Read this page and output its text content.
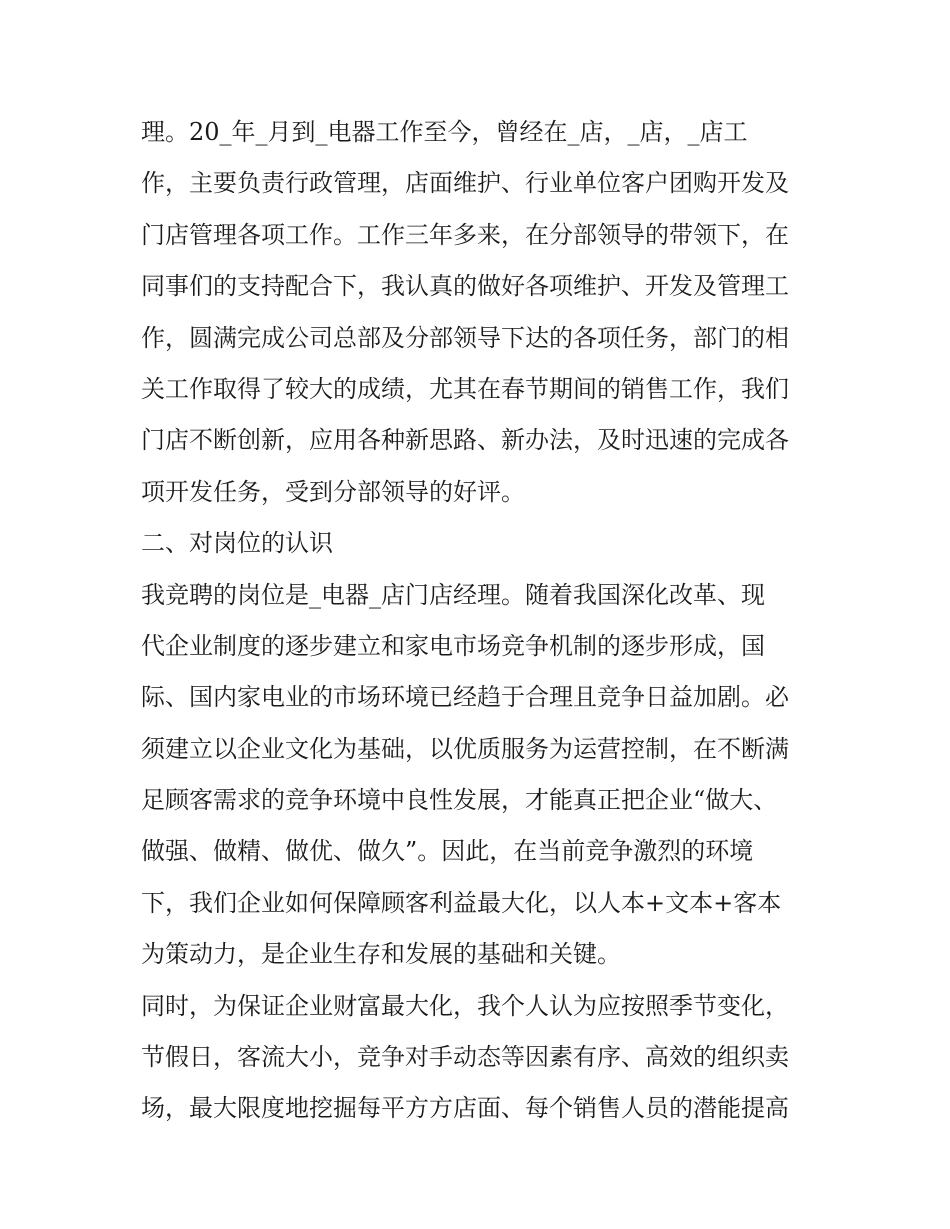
理。20_年_月到_电器工作至今，曾经在_店，_店，_店工
作，主要负责行政管理，店面维护、行业单位客户团购开发及
门店管理各项工作。工作三年多来，在分部领导的带领下，在
同事们的支持配合下，我认真的做好各项维护、开发及管理工
作，圆满完成公司总部及分部领导下达的各项任务，部门的相
关工作取得了较大的成绩，尤其在春节期间的销售工作，我们
门店不断创新，应用各种新思路、新办法，及时迅速的完成各
项开发任务，受到分部领导的好评。
二、对岗位的认识
我竞聘的岗位是_电器_店门店经理。随着我国深化改革、现
代企业制度的逐步建立和家电市场竞争机制的逐步形成，国
际、国内家电业的市场环境已经趋于合理且竞争日益加剧。必
须建立以企业文化为基础，以优质服务为运营控制，在不断满
足顾客需求的竞争环境中良性发展，才能真正把企业“做大、
做强、做精、做优、做久”。因此，在当前竞争激烈的环境
下，我们企业如何保障顾客利益最大化，以人本+文本+客本
为策动力，是企业生存和发展的基础和关键。
同时，为保证企业财富最大化，我个人认为应按照季节变化，
节假日，客流大小，竞争对手动态等因素有序、高效的组织卖
场，最大限度地挖掘每平方方店面、每个销售人员的潜能提高
